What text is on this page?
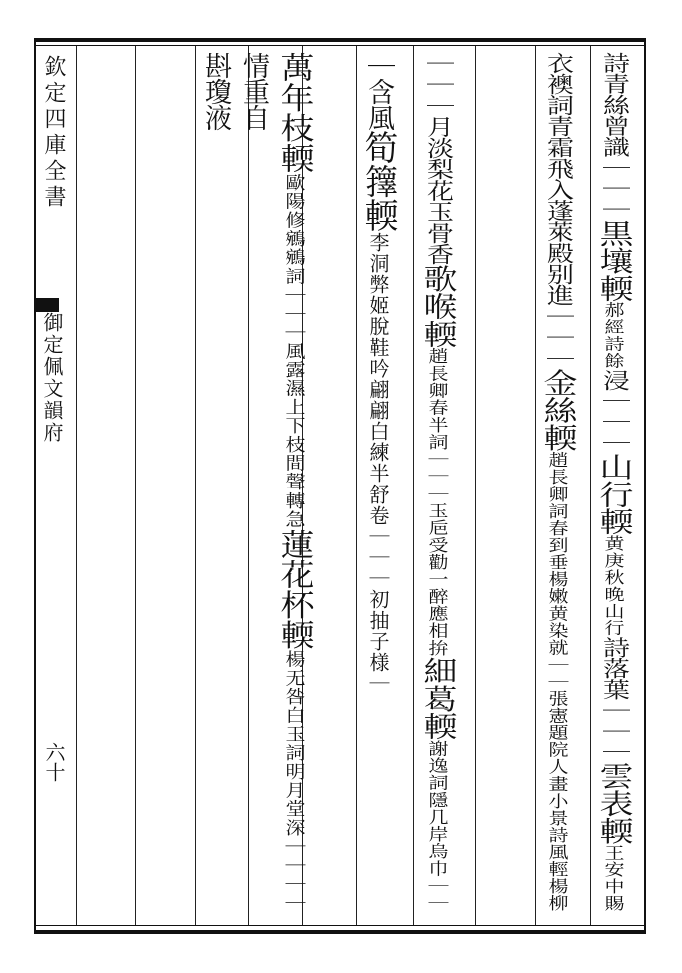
欽定四庫全書
御定佩文韻府
六十
詩青絲曾識｜｜｜黒壤輭郝經詩餘浸｜｜｜山行輭黄庚秋晚山行詩落葉｜｜｜雲表輭王安中賜
衣襖詞青霜飛入蓬萊殿别進｜｜｜金絲輭趙長卿詞春到垂楊嫩黄染就｜｜張憲題院人畫小景詩風輕楊柳
｜｜｜月淡梨花玉骨香歌喉輭趙長卿春半詞｜｜｜玉巵受勸一醉應相拚細葛輭謝逸詞隱几岸烏巾｜｜
｜含風筍籜輭李洞弊姬脫鞋吟翩翩白練半舒卷｜｜｜初抽子様｜
萬年枝輭歐陽修鵷鵷詞｜｜｜風露濕上下枝間聲轉急蓮花杯輭楊无咎白玉詞明月堂深｜｜｜｜
情重自
斟瓊液
